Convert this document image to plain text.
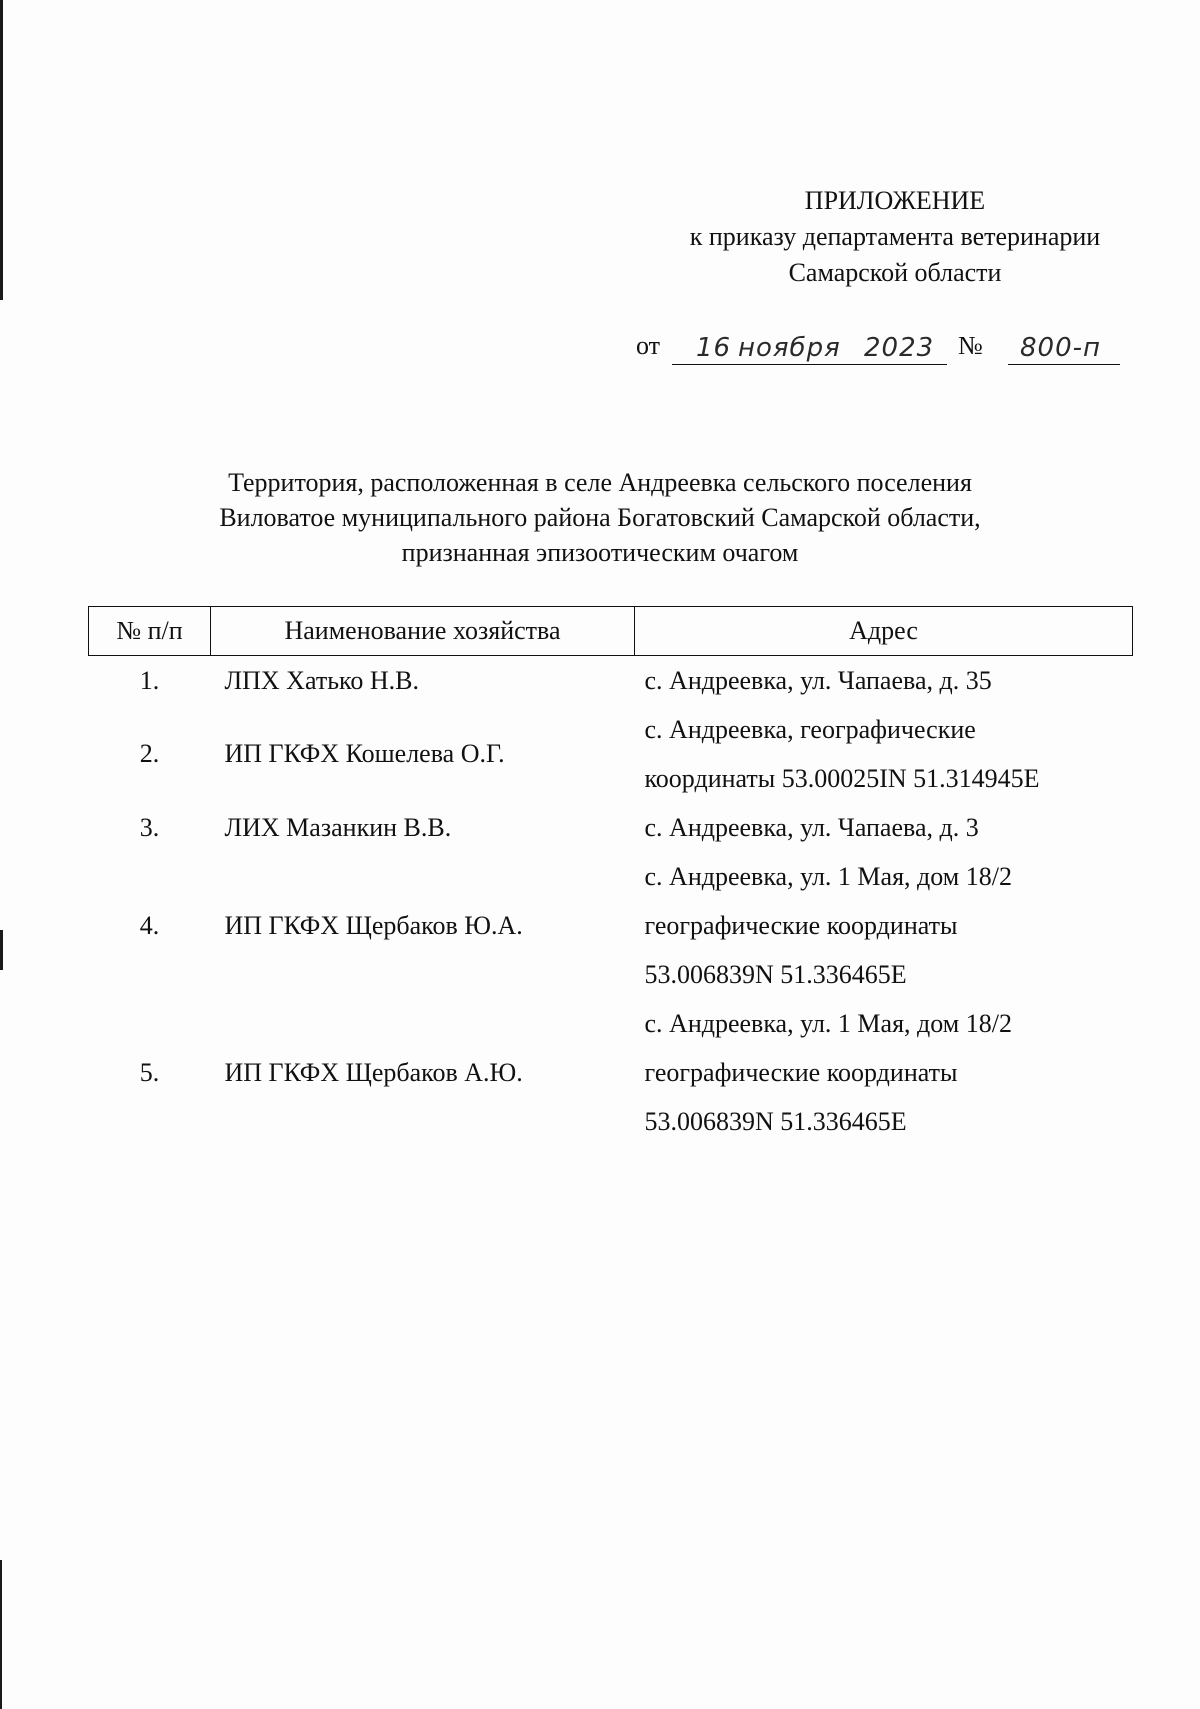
ПРИЛОЖЕНИЕ
к приказу департамента ветеринарии
Самарской области
от 16 ноября 2023 № 800-п
Территория, расположенная в селе Андреевка сельского поселения
Виловатое муниципального района Богатовский Самарской области,
признанная эпизоотическим очагом
№ п/п	Наименование хозяйства	Адрес
1.	ЛПХ Хатько Н.В.	с. Андреевка, ул. Чапаева, д. 35

2.	ИП ГКФХ Кошелева О.Г.	с. Андреевка, географические
координаты 53.00025IN 51.314945E

3.	ЛИХ Мазанкин В.В.	с. Андреевка, ул. Чапаева, д. 3

4.	ИП ГКФХ Щербаков Ю.А.	с. Андреевка, ул. 1 Мая, дом 18/2
географические координаты
53.006839N 51.336465E

5.	ИП ГКФХ Щербаков А.Ю.	с. Андреевка, ул. 1 Мая, дом 18/2
географические координаты
53.006839N 51.336465E
